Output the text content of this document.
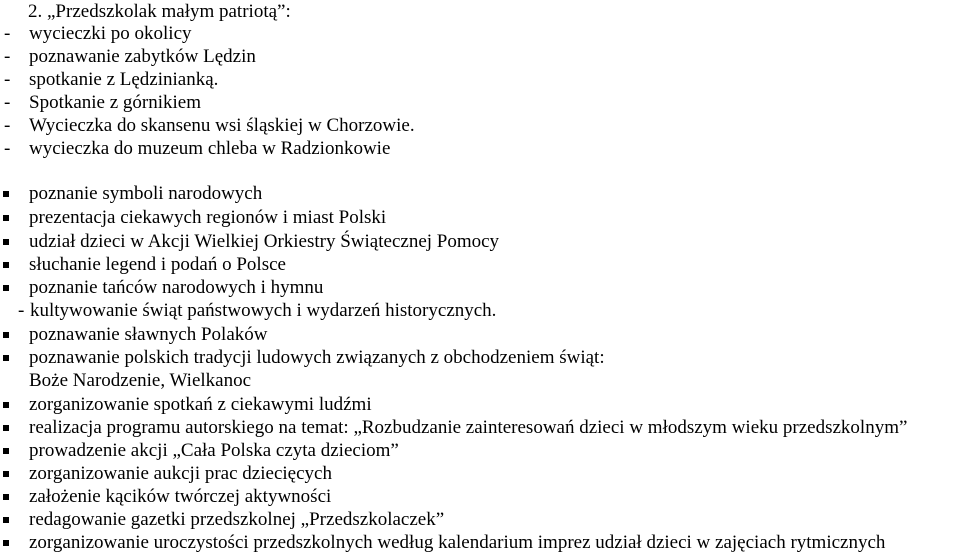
2. „Przedszkolak małym patriotą”:
- wycieczki po okolicy
- poznawanie zabytków Lędzin
- spotkanie z Lędzinianką.
- Spotkanie z górnikiem
- Wycieczka do skansenu wsi śląskiej w Chorzowie.
- wycieczka do muzeum chleba w Radzionkowie
poznanie symboli narodowych
prezentacja ciekawych regionów i miast Polski
udział dzieci w Akcji Wielkiej Orkiestry Świątecznej Pomocy
słuchanie legend i podań o Polsce
poznanie tańców narodowych i hymnu
- kultywowanie świąt państwowych i wydarzeń historycznych.
poznawanie sławnych Polaków
poznawanie polskich tradycji ludowych związanych z obchodzeniem świąt:
Boże Narodzenie, Wielkanoc
zorganizowanie spotkań z ciekawymi ludźmi
realizacja programu autorskiego na temat: „Rozbudzanie zainteresowań dzieci w młodszym wieku przedszkolnym”
prowadzenie akcji „Cała Polska czyta dzieciom”
zorganizowanie aukcji prac dziecięcych
założenie kącików twórczej aktywności
redagowanie gazetki przedszkolnej „Przedszkolaczek”
zorganizowanie uroczystości przedszkolnych według kalendarium imprez udział dzieci w zajęciach rytmicznych
